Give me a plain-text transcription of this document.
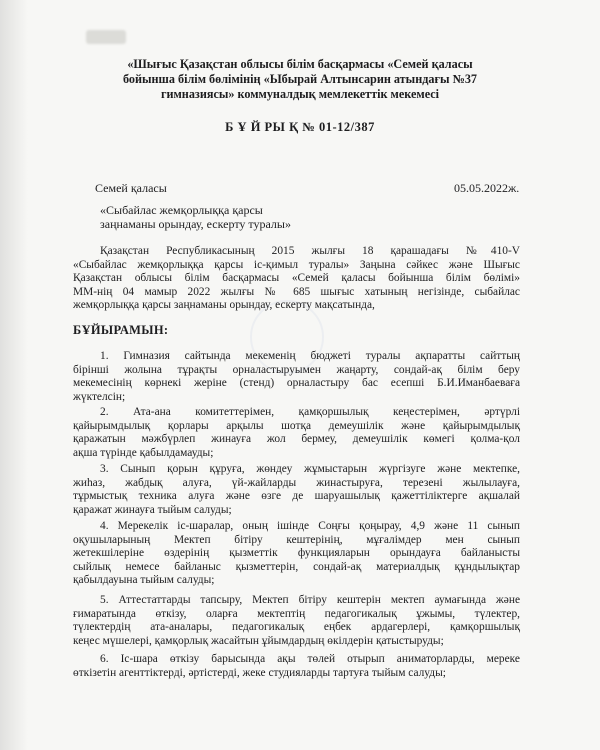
«Шығыс Қазақстан облысы білім басқармасы «Семей қаласы
бойынша білім бөлімінің «Ыбырай Алтынсарин атындағы №37
гимназиясы» коммуналдық мемлекеттік мекемесі

Б Ұ Й РЫ Қ № 01-12/387

Семей қаласы	05.05.2022ж.

«Сыбайлас жемқорлыққа қарсы
заңнаманы орындау, ескерту туралы»

Қазақстан Республикасының 2015 жылғы 18 қарашадағы №410-V
«Сыбайлас жемқорлыққа қарсы іс-қимыл туралы» Заңына сәйкес және Шығыс
Қазақстан облысы білім басқармасы «Семей қаласы бойынша білім бөлімі»
ММ-нің 04 мамыр 2022 жылғы № 685 шығыс хатының негізінде, сыбайлас
жемқорлыққа қарсы заңнаманы орындау, ескерту мақсатында,

БҰЙЫРАМЫН:

1. Гимназия сайтында мекеменің бюджеті туралы ақпаратты сайттың
бірінші жолына тұрақты орналастыруымен жаңарту, сондай-ақ білім беру
мекемесінің көрнекі жеріне (стенд) орналастыру бас есепші Б.И.Иманбаеваға
жүктелсін;

2. Ата-ана комитеттерімен, қамқоршылық кеңестерімен, әртүрлі
қайырымдылық қорлары арқылы шотқа демеушілік және қайырымдылық
қаражатын мәжбүрлеп жинауға жол бермеу, демеушілік көмегі қолма-қол
ақша түрінде қабылдамауды;

3. Сынып қорын құруға, жөндеу жұмыстарын жүргізуге және мектепке,
жиһаз, жабдық алуға, үй-жайларды жинастыруға, терезені жылылауға,
тұрмыстық техника алуға және өзге де шаруашылық қажеттіліктерге ақшалай
қаражат жинауға тыйым салуды;

4. Мерекелік іс-шаралар, оның ішінде Соңғы қоңырау, 4,9 және 11 сынып
оқушыларының Мектеп бітіру кештерінің, мұғалімдер мен сынып
жетекшілеріне өздерінің қызметтік функцияларын орындауға байланысты
сыйлық немесе байланыс қызметтерін, сондай-ақ материалдық құндылықтар
қабылдауына тыйым салуды;

5. Аттестаттарды тапсыру, Мектеп бітіру кештерін мектеп аумағында және
ғимаратында өткізу, оларға мектептің педагогикалық ұжымы, түлектер,
түлектердің ата-аналары, педагогикалық еңбек ардагерлері, қамқоршылық
кеңес мүшелері, қамқорлық жасайтын ұйымдардың өкілдерін қатыстыруды;

6. Іс-шара өткізу барысында ақы төлей отырып аниматорларды, мереке
өткізетін агенттіктерді, әртістерді, жеке студияларды тартуға тыйым салуды;
